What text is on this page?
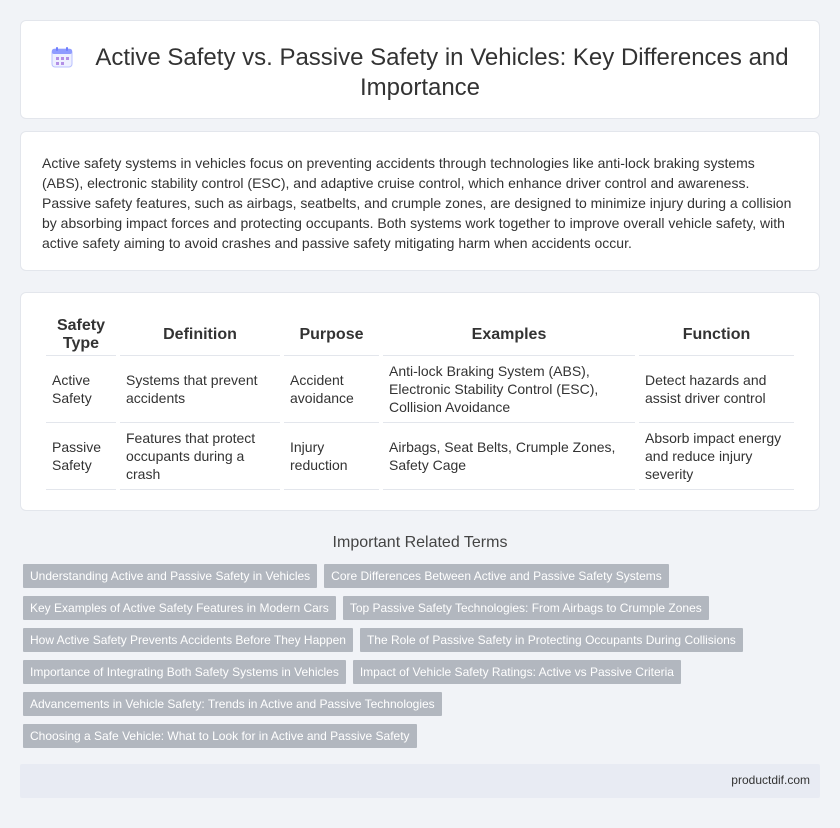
Active Safety vs. Passive Safety in Vehicles: Key Differences and Importance

Active safety systems in vehicles focus on preventing accidents through technologies like anti-lock braking systems (ABS), electronic stability control (ESC), and adaptive cruise control, which enhance driver control and awareness. Passive safety features, such as airbags, seatbelts, and crumple zones, are designed to minimize injury during a collision by absorbing impact forces and protecting occupants. Both systems work together to improve overall vehicle safety, with active safety aiming to avoid crashes and passive safety mitigating harm when accidents occur.

Safety Type	Definition	Purpose	Examples	Function
Active Safety	Systems that prevent accidents	Accident avoidance	Anti-lock Braking System (ABS), Electronic Stability Control (ESC), Collision Avoidance	Detect hazards and assist driver control
Passive Safety	Features that protect occupants during a crash	Injury reduction	Airbags, Seat Belts, Crumple Zones, Safety Cage	Absorb impact energy and reduce injury severity
Important Related Terms
Understanding Active and Passive Safety in Vehicles	Core Differences Between Active and Passive Safety Systems
Key Examples of Active Safety Features in Modern Cars	Top Passive Safety Technologies: From Airbags to Crumple Zones
How Active Safety Prevents Accidents Before They Happen	The Role of Passive Safety in Protecting Occupants During Collisions
Importance of Integrating Both Safety Systems in Vehicles	Impact of Vehicle Safety Ratings: Active vs Passive Criteria
Advancements in Vehicle Safety: Trends in Active and Passive Technologies
Choosing a Safe Vehicle: What to Look for in Active and Passive Safety
productdif.com
